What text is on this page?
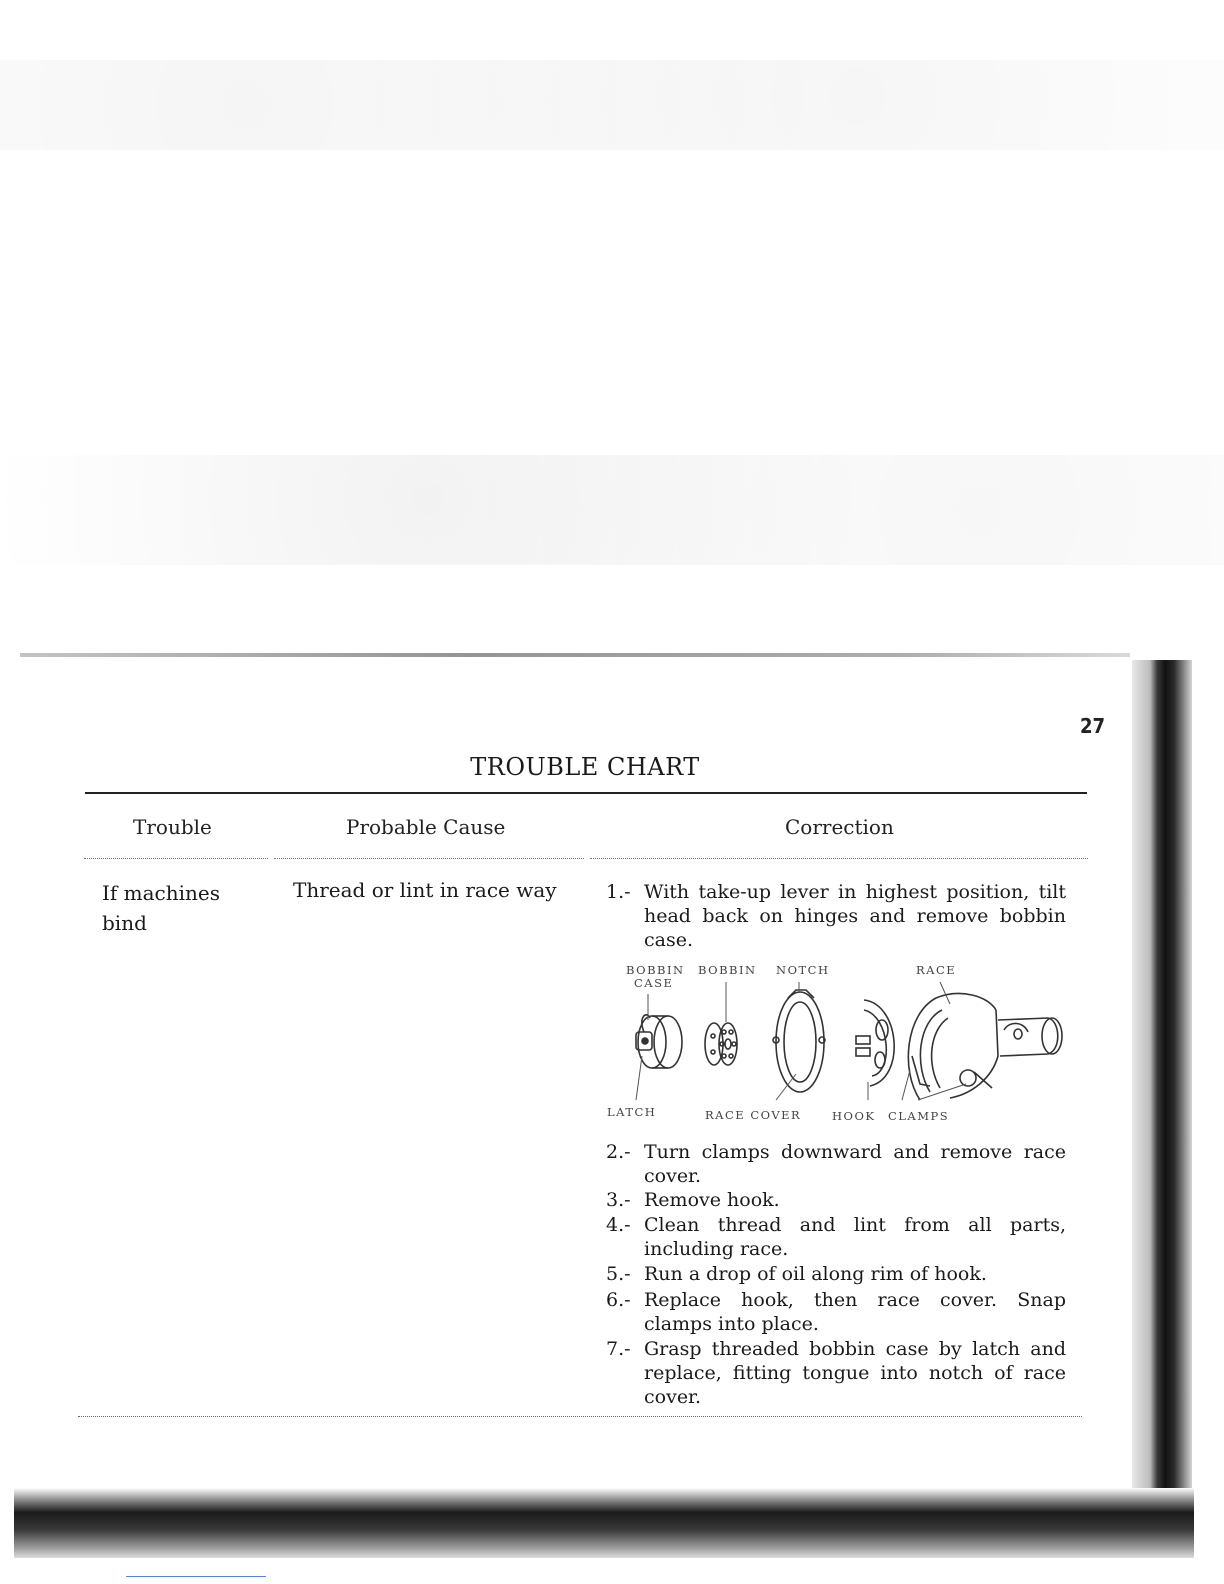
27
TROUBLE CHART
Trouble	Probable Cause	Correction
If machines
bind
Thread or lint in race way	1.- With take-up lever in highest position, tilt head back on hinges and remove bobbin case.
BOBBIN
CASE
BOBBIN NOTCH	RACE
LATCH	RACE COVER	HOOK CLAMPS
2.- Turn clamps downward and remove race cover.
3.- Remove hook.
4.- Clean thread and lint from all parts, including race.
5.- Run a drop of oil along rim of hook.
6.- Replace hook, then race cover. Snap clamps into place.
7.- Grasp threaded bobbin case by latch and replace, fitting tongue into notch of race cover.
